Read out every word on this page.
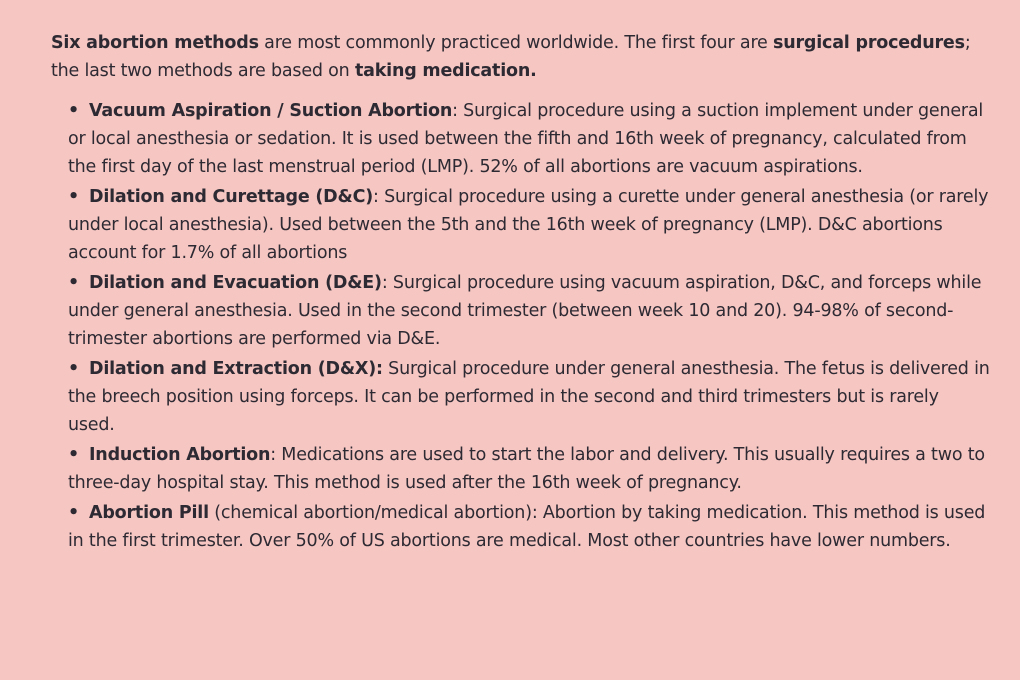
Six abortion methods are most commonly practiced worldwide. The first four are surgical procedures; the last two methods are based on taking medication.

• Vacuum Aspiration / Suction Abortion: Surgical procedure using a suction implement under general or local anesthesia or sedation. It is used between the fifth and 16th week of pregnancy, calculated from the first day of the last menstrual period (LMP). 52% of all abortions are vacuum aspirations.
• Dilation and Curettage (D&C): Surgical procedure using a curette under general anesthesia (or rarely under local anesthesia). Used between the 5th and the 16th week of pregnancy (LMP). D&C abortions account for 1.7% of all abortions
• Dilation and Evacuation (D&E): Surgical procedure using vacuum aspiration, D&C, and forceps while under general anesthesia. Used in the second trimester (between week 10 and 20). 94-98% of second-trimester abortions are performed via D&E.
• Dilation and Extraction (D&X): Surgical procedure under general anesthesia. The fetus is delivered in the breech position using forceps. It can be performed in the second and third trimesters but is rarely used.
• Induction Abortion: Medications are used to start the labor and delivery. This usually requires a two to three-day hospital stay. This method is used after the 16th week of pregnancy.
• Abortion Pill (chemical abortion/medical abortion): Abortion by taking medication. This method is used in the first trimester. Over 50% of US abortions are medical. Most other countries have lower numbers.
